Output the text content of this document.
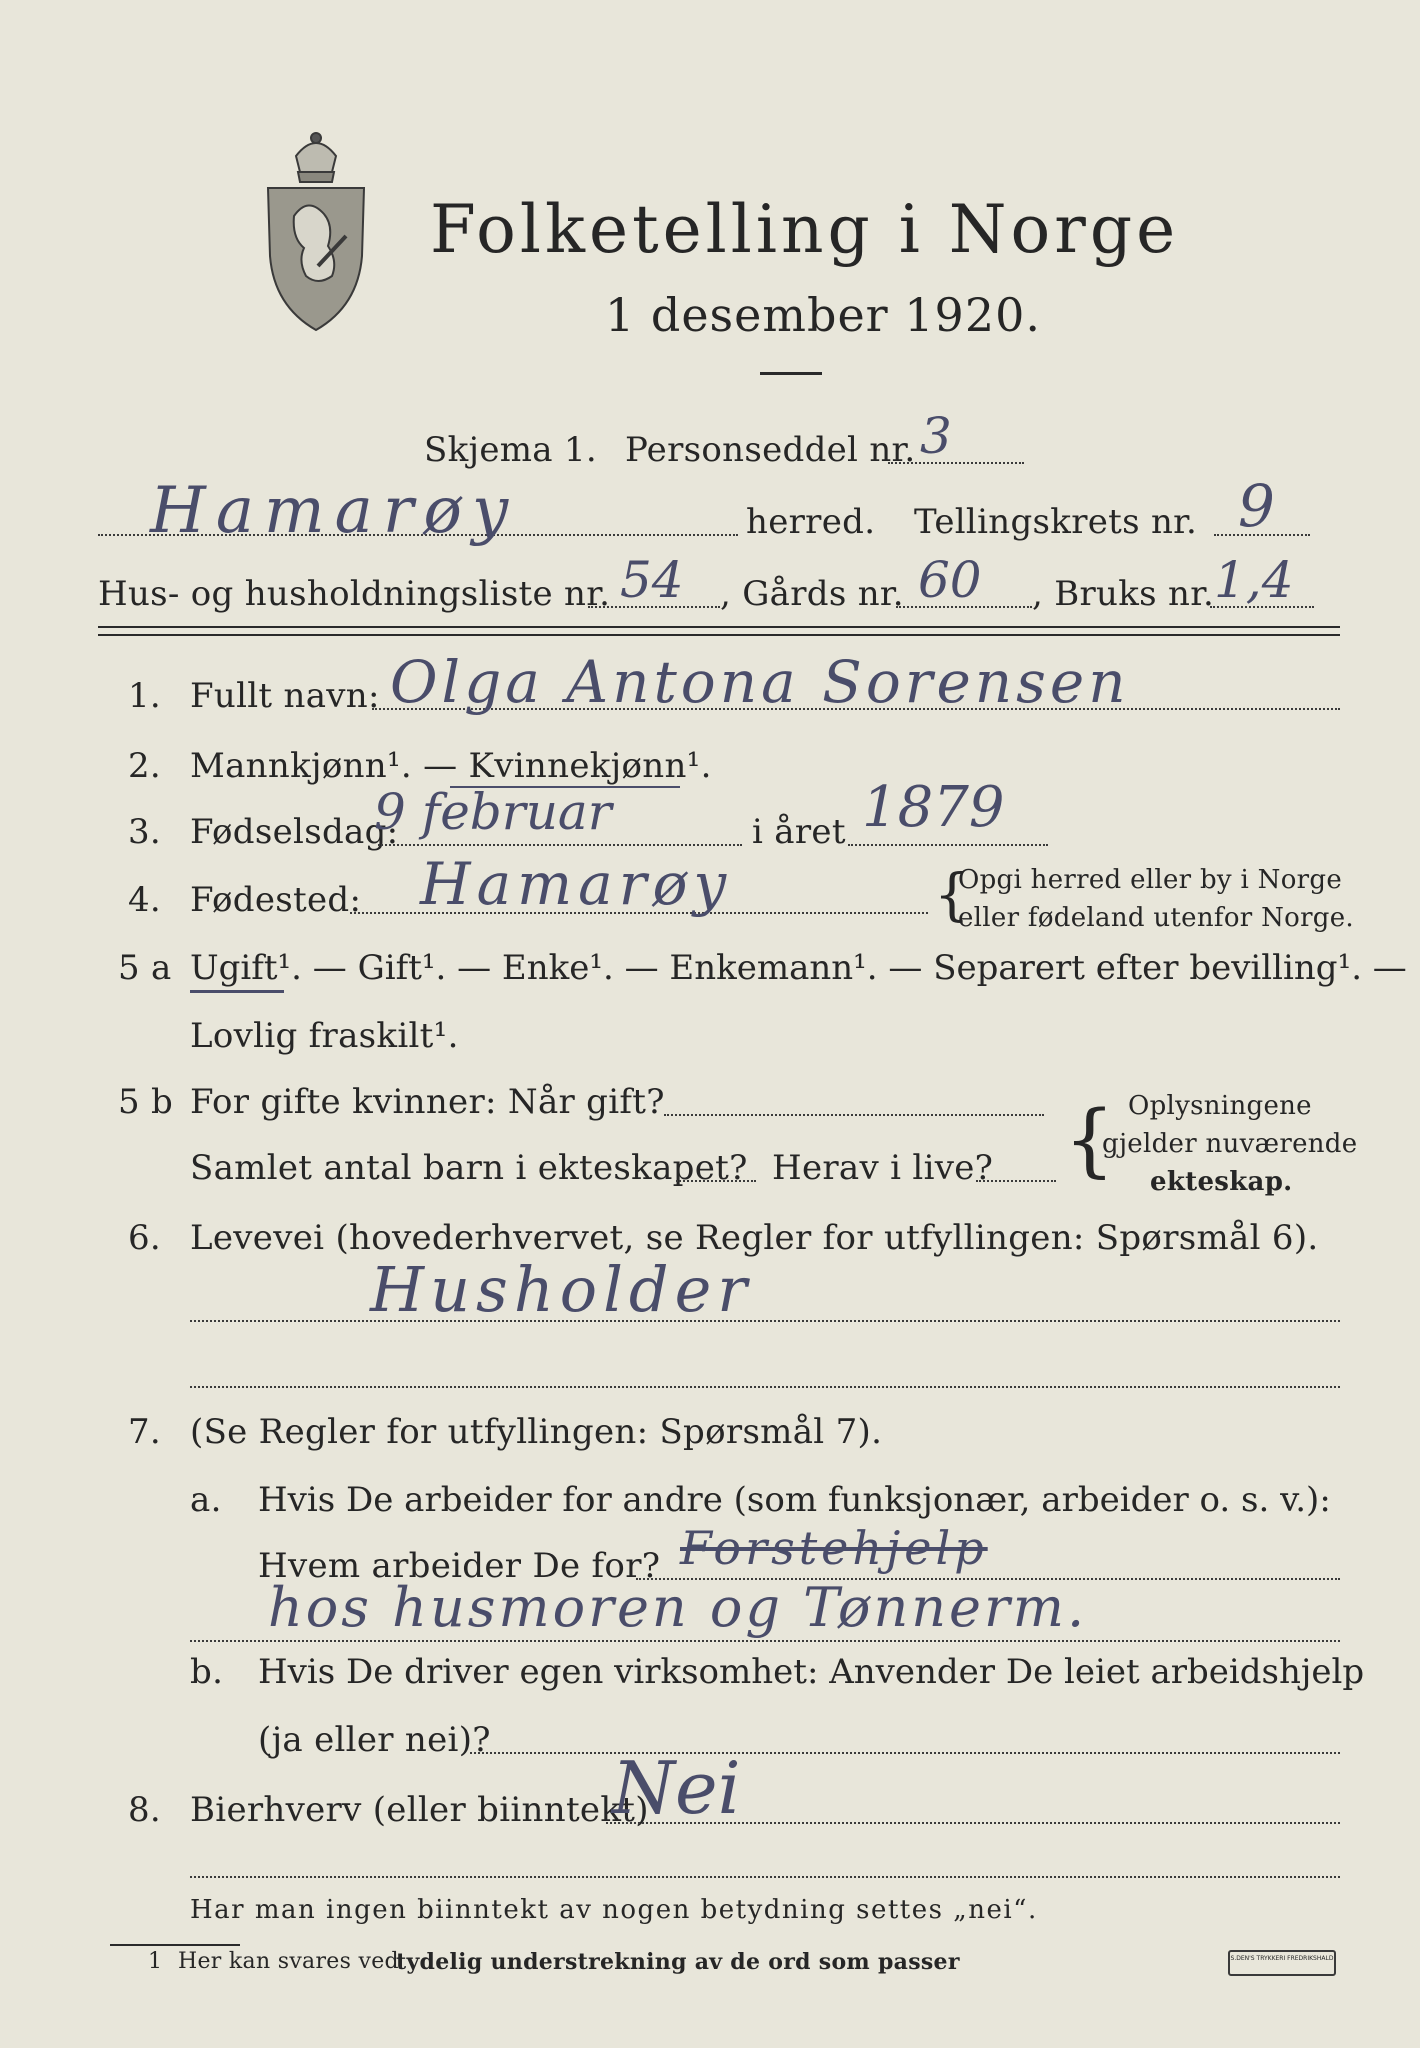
Folketelling i Norge
1 desember 1920.
Skjema 1. Personseddel nr. 3
Hamarøy	herred. Tellingskrets nr. 9
Hus- og husholdningsliste nr. 54 , Gårds nr. 60 , Bruks nr. 1,4
1. Fullt navn: Olga Antona Sorensen
2. Mannkjønn¹. — Kvinnekjønn¹.
3. Fødselsdag:
9 februar	i året 1879
4. Fødested: Hamarøy	{
Opgi herred eller by i Norge
eller fødeland utenfor Norge.
5 a Ugift¹. — Gift¹. — Enke¹. — Enkemann¹. — Separert efter bevilling¹. —
Lovlig fraskilt¹.
5 b For gifte kvinner: Når gift?
Samlet antal barn i ekteskapet? Herav i live? { Oplysningene
gjelder nuværende
ekteskap.
6. Levevei (hovederhvervet, se Regler for utfyllingen: Spørsmål 6).
Husholder
7. (Se Regler for utfyllingen: Spørsmål 7).
a. Hvis De arbeider for andre (som funksjonær, arbeider o. s. v.):
Hvem arbeider De for? Forstehjelp
hos husmoren og Tønnerm.
b. Hvis De driver egen virksomhet: Anvender De leiet arbeidshjelp
(ja eller nei)?
8. Bierhverv (eller biinntekt)
Nei
Har man ingen biinntekt av nogen betydning settes „nei“.
1 Her kan svares ved
tydelig understrekning av de ord som passer	S.DEN'S TRYKKERI FREDRIKSHALD
